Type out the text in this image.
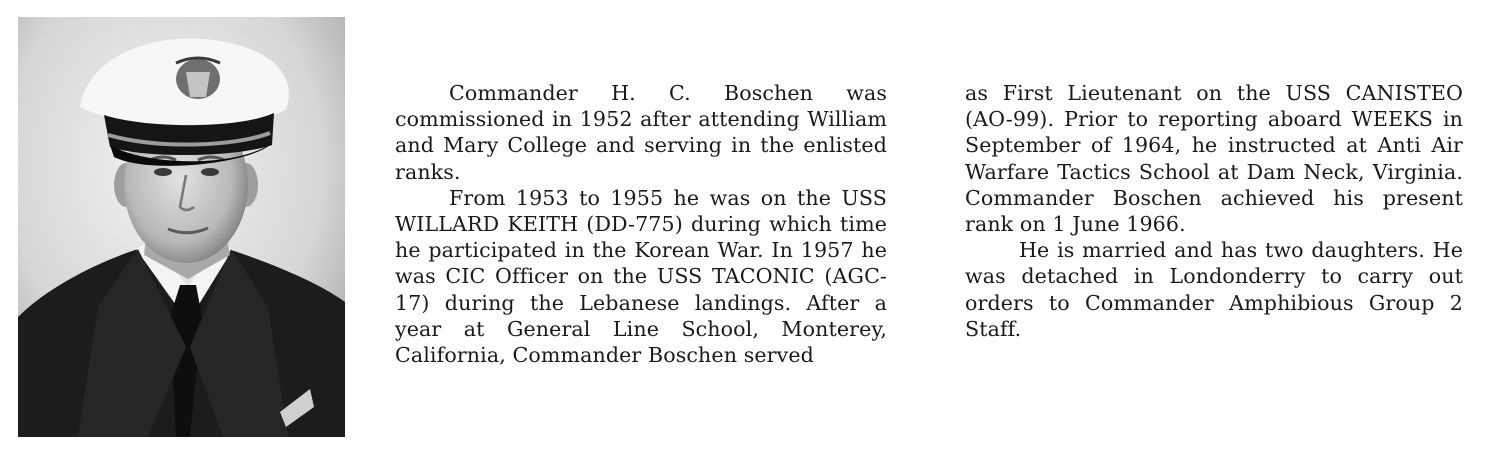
Commander H. C. Boschen was commissioned in 1952 after attending William and Mary College and serving in the enlisted ranks.

From 1953 to 1955 he was on the USS WILLARD KEITH (DD-775) during which time he participated in the Korean War. In 1957 he was CIC Officer on the USS TACONIC (AGC-17) during the Lebanese landings. After a year at General Line School, Monterey, California, Commander Boschen served

as First Lieutenant on the USS CANISTEO (AO-99). Prior to reporting aboard WEEKS in September of 1964, he instructed at Anti Air Warfare Tactics School at Dam Neck, Virginia. Commander Boschen achieved his present rank on 1 June 1966.

He is married and has two daughters. He was detached in Londonderry to carry out orders to Commander Amphibious Group 2 Staff.
